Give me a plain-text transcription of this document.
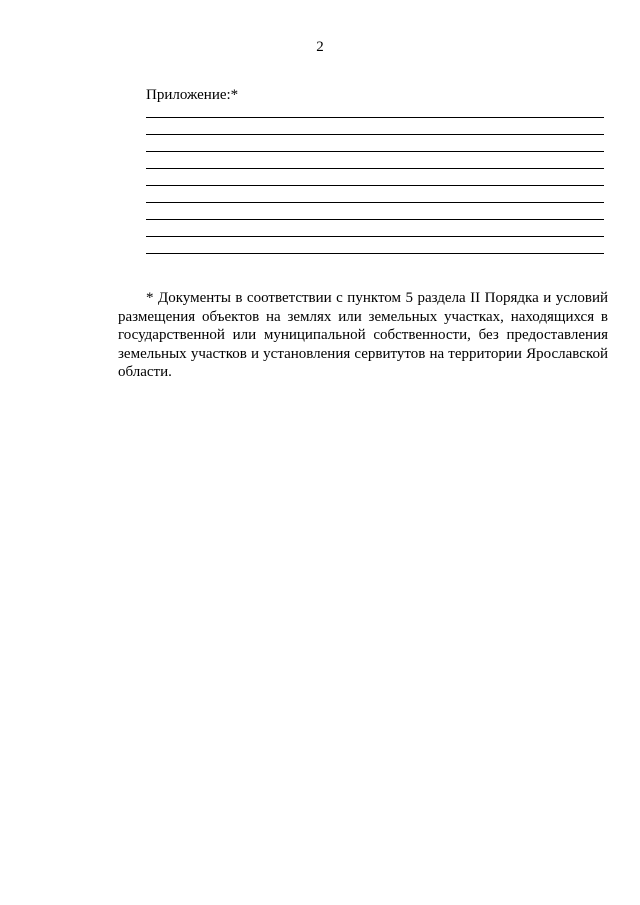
2
Приложение:*

* Документы в соответствии с пунктом 5 раздела II Порядка и условий размещения объектов на землях или земельных участках, находящихся в государственной или муниципальной собственности, без предоставления земельных участков и установления сервитутов на территории Ярославской области.
